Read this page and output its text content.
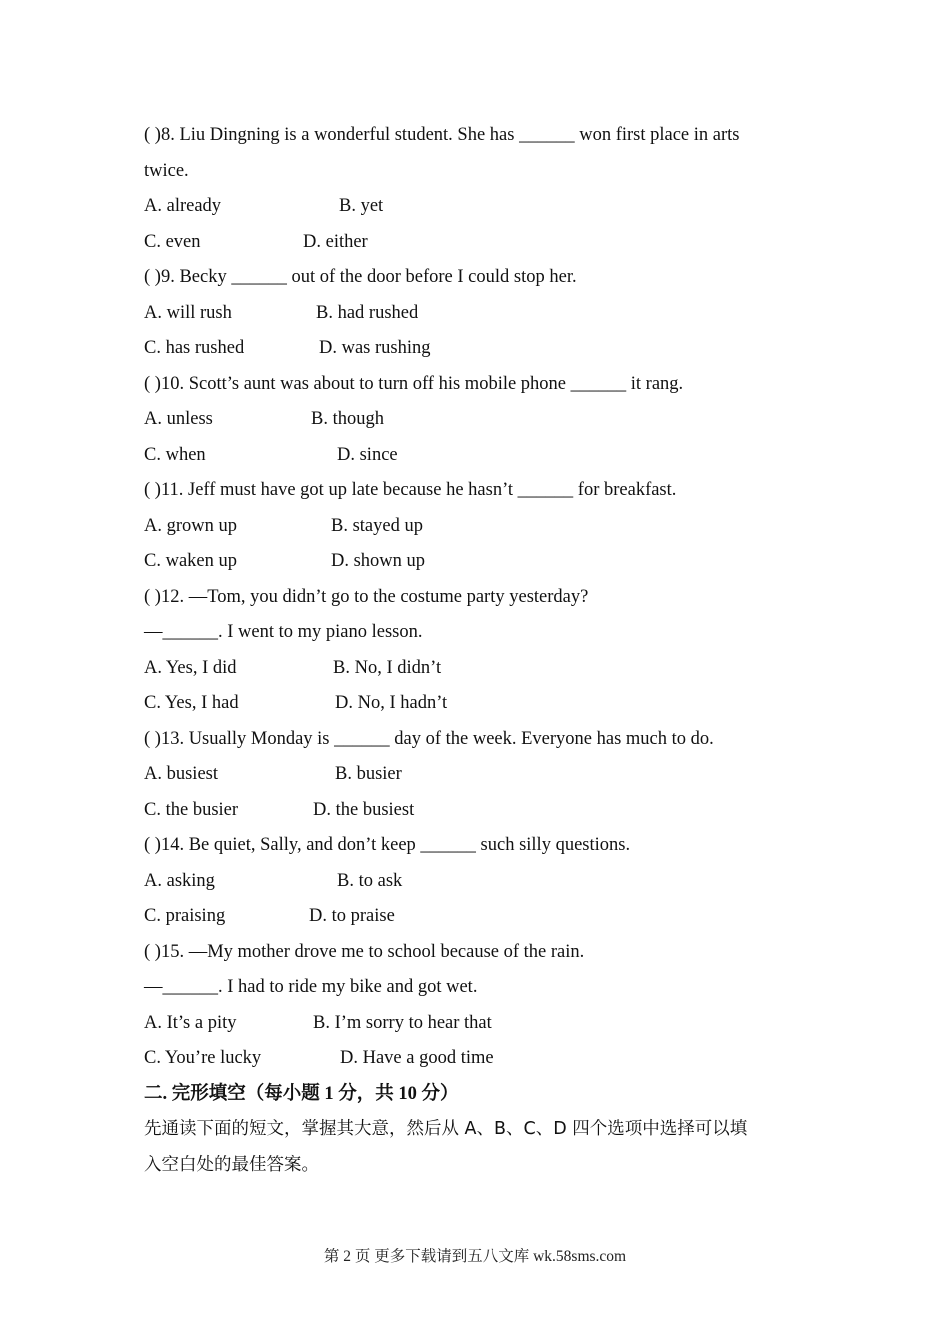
( )8. Liu Dingning is a wonderful student. She has ______ won first place in arts
twice.
A. already	B. yet
C. even	D. either
( )9. Becky ______ out of the door before I could stop her.
A. will rush	B. had rushed
C. has rushed	D. was rushing
( )10. Scott’s aunt was about to turn off his mobile phone ______ it rang.
A. unless	B. though
C. when	D. since
( )11. Jeff must have got up late because he hasn’t ______ for breakfast.
A. grown up	B. stayed up
C. waken up	D. shown up
( )12. —Tom, you didn’t go to the costume party yesterday?
—______. I went to my piano lesson.
A. Yes, I did	B. No, I didn’t
C. Yes, I had	D. No, I hadn’t
( )13. Usually Monday is ______ day of the week. Everyone has much to do.
A. busiest	B. busier
C. the busier	D. the busiest
( )14. Be quiet, Sally, and don’t keep ______ such silly questions.
A. asking	B. to ask
C. praising	D. to praise
( )15. —My mother drove me to school because of the rain.
—______. I had to ride my bike and got wet.
A. It’s a pity	B. I’m sorry to hear that
C. You’re lucky	D. Have a good time
二. 完形填空（每小题 1 分，共 10 分）
先通读下面的短文，掌握其大意，然后从 A、B、C、D 四个选项中选择可以填
入空白处的最佳答案。
第 2 页 更多下载请到五八文库 wk.58sms.com
